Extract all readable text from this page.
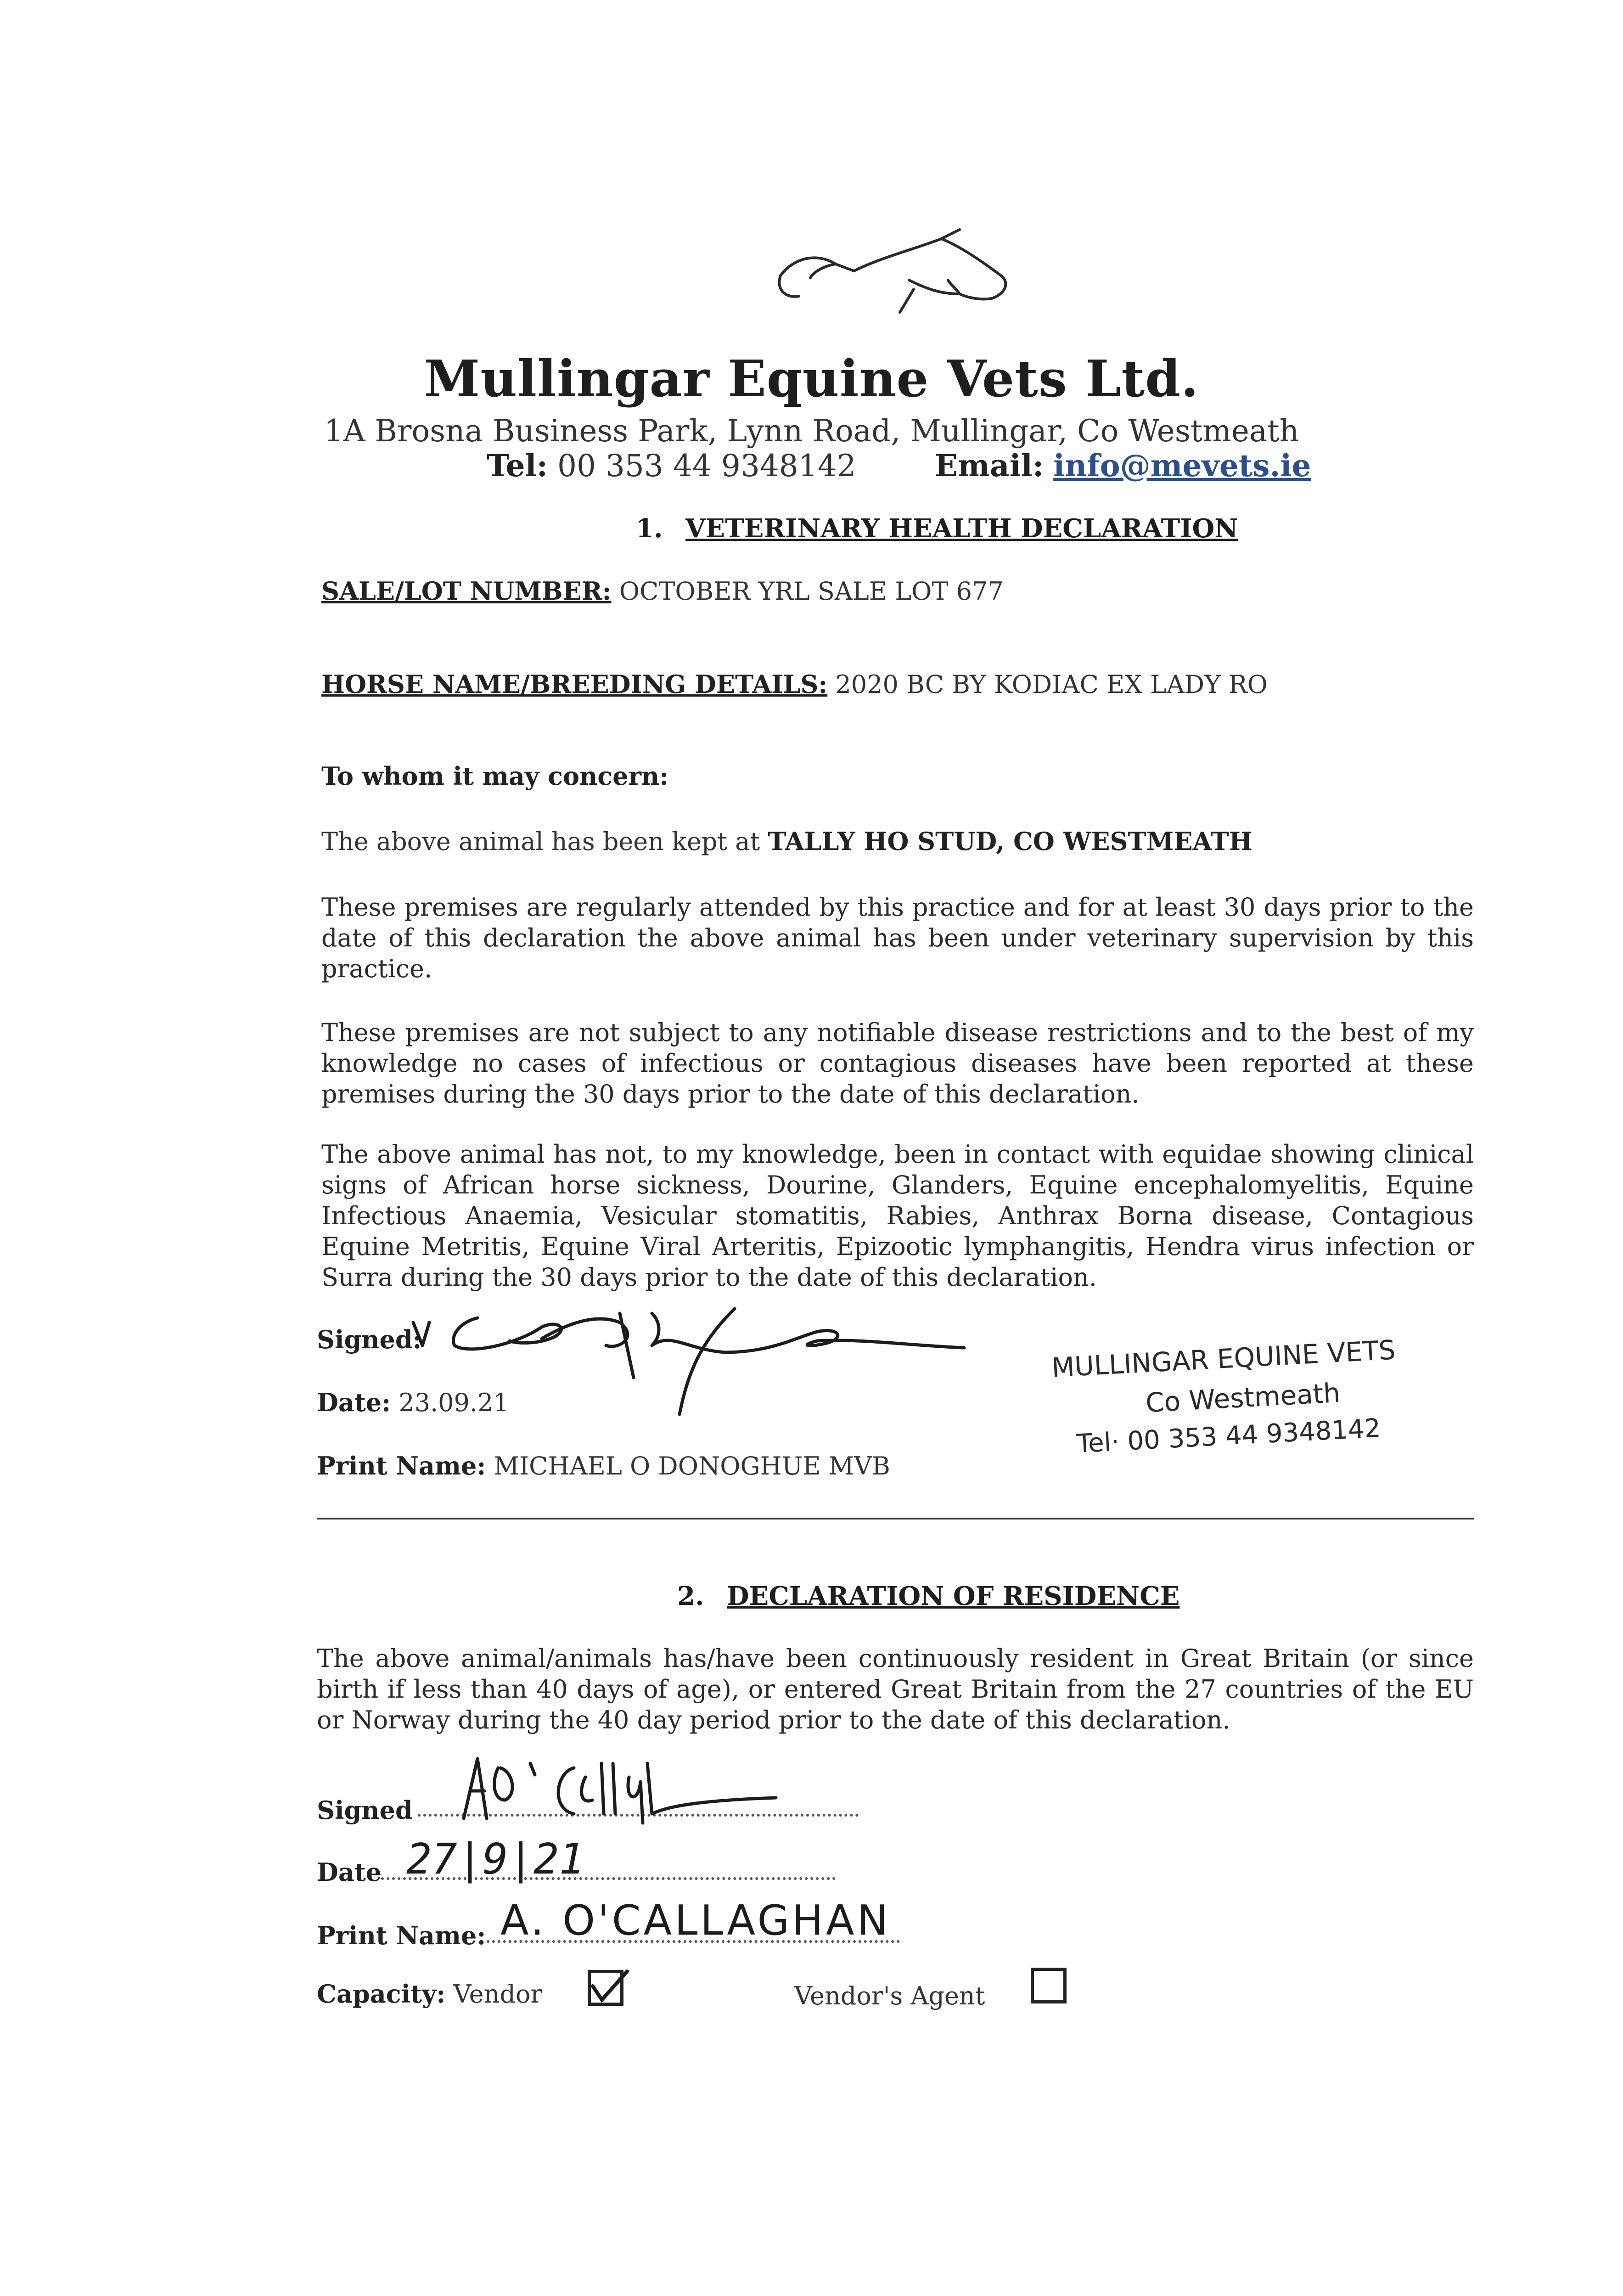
Mullingar Equine Vets Ltd.
1A Brosna Business Park, Lynn Road, Mullingar, Co Westmeath
Tel: 00 353 44 9348142	Email: info@mevets.ie
1. VETERINARY HEALTH DECLARATION
SALE/LOT NUMBER: OCTOBER YRL SALE LOT 677
HORSE NAME/BREEDING DETAILS: 2020 BC BY KODIAC EX LADY RO
To whom it may concern:
The above animal has been kept at TALLY HO STUD, CO WESTMEATH
These premises are regularly attended by this practice and for at least 30 days prior to the date of this declaration the above animal has been under veterinary supervision by this practice.
These premises are not subject to any notifiable disease restrictions and to the best of my knowledge no cases of infectious or contagious diseases have been reported at these premises during the 30 days prior to the date of this declaration.
The above animal has not, to my knowledge, been in contact with equidae showing clinical signs of African horse sickness, Dourine, Glanders, Equine encephalomyelitis, Equine Infectious Anaemia, Vesicular stomatitis, Rabies, Anthrax Borna disease, Contagious Equine Metritis, Equine Viral Arteritis, Epizootic lymphangitis, Hendra virus infection or Surra during the 30 days prior to the date of this declaration.
Signed:
Date: 23.09.21
Print Name: MICHAEL O DONOGHUE MVB
MULLINGAR EQUINE VETS
Co Westmeath
Tel· 00 353 44 9348142
2. DECLARATION OF RESIDENCE
The above animal/animals has/have been continuously resident in Great Britain (or since birth if less than 40 days of age), or entered Great Britain from the 27 countries of the EU or Norway during the 40 day period prior to the date of this declaration.
Signed
Date 27|9|21
Print Name: A. O'CALLAGHAN
Capacity: Vendor	Vendor's Agent
